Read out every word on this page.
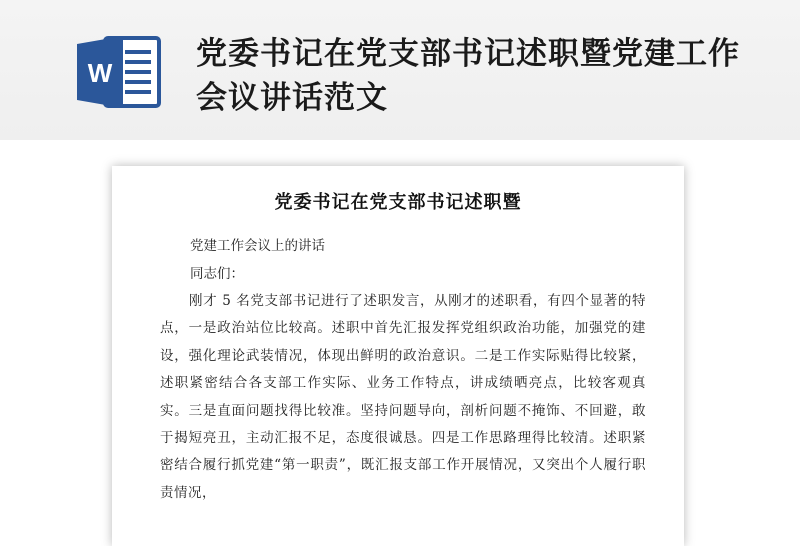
W
党委书记在党支部书记述职暨党建工作会议讲话范文
党委书记在党支部书记述职暨
党建工作会议上的讲话
同志们：
刚才 5 名党支部书记进行了述职发言，从刚才的述职看，有四个显著的特点，一是政治站位比较高。述职中首先汇报发挥党组织政治功能，加强党的建设，强化理论武装情况，体现出鲜明的政治意识。二是工作实际贴得比较紧，述职紧密结合各支部工作实际、业务工作特点，讲成绩晒亮点，比较客观真实。三是直面问题找得比较准。坚持问题导向，剖析问题不掩饰、不回避，敢于揭短亮丑，主动汇报不足，态度很诚恳。四是工作思路理得比较清。述职紧密结合履行抓党建“第一职责”，既汇报支部工作开展情况，又突出个人履行职责情况，
